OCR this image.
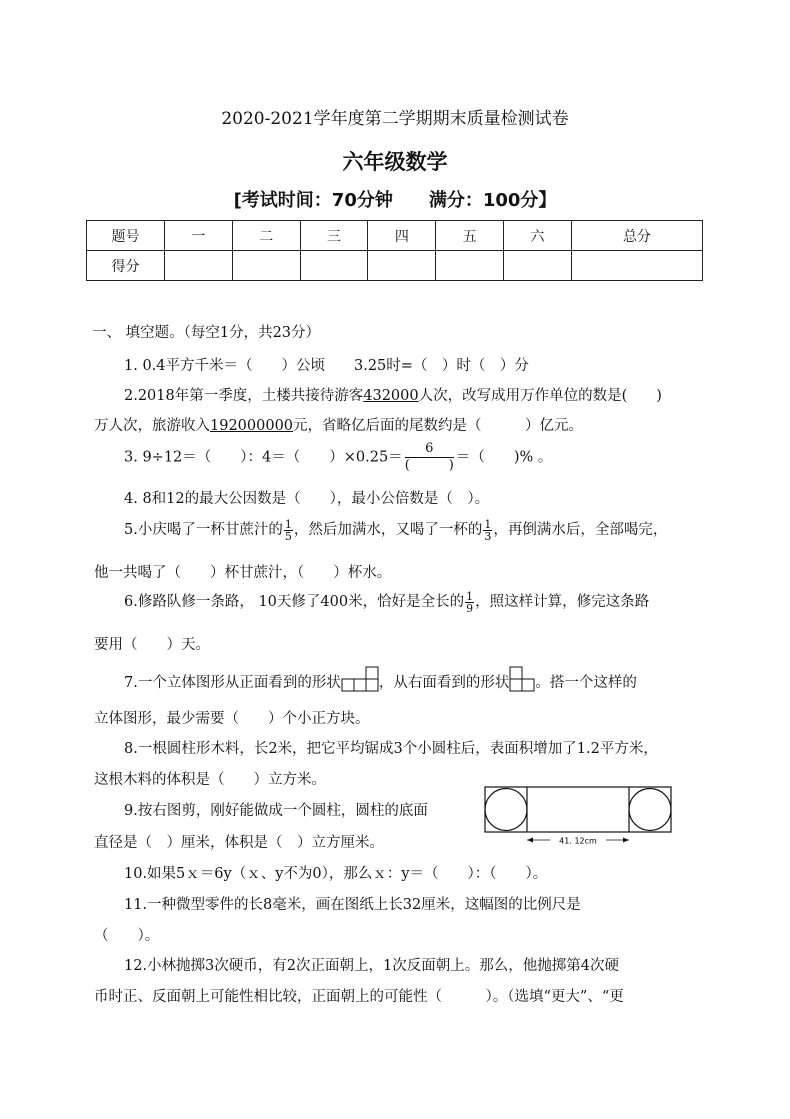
2020-2021学年度第二学期期末质量检测试卷
六年级数学
[考试时间：70分钟　　满分：100分】
题号	一	二	三	四	五	六	总分
得分							
一、 填空题。（每空1分，共23分）
1. 0.4平方千米＝（　　）公顷　　3.25时=（　）时（　）分
2.2018年第一季度，土楼共接待游客432000人次，改写成用万作单位的数是(　　)
万人次，旅游收入192000000元，省略亿后面的尾数约是（　　　）亿元。
3. 9÷12＝（　　）：4＝（　　）$\times 0.25= \frac{6}{( )}$ ＝（　　)% 。
4. 8和12的最大公因数是（　　），最小公倍数是（　）。
5.小庆喝了一杯甘蔗汁的 $\frac{1}{5}$ ，然后加满水，又喝了一杯的 $\frac{1}{3}$ ，再倒满水后，全部喝完，
他一共喝了（　　）杯甘蔗汁，（　　）杯水。
6.修路队修一条路， 10天修了400米，恰好是全长的 $\frac{1}{9}$ ，照这样计算，修完这条路
要用（　　）天。
7.一个立体图形从正面看到的形状	，从右面看到的形状 。搭一个这样的
立体图形，最少需要（　　）个小正方块。
8.一根圆柱形木料，长2米，把它平均锯成3个小圆柱后，表面积增加了1.2平方米，
这根木料的体积是（　　）立方米。
9.按右图剪，刚好能做成一个圆柱，圆柱的底面
直径是（　）厘米，体积是（　）立方厘米。	41. 12cm
10.如果5ｘ＝6y（ｘ、y不为0），那么ｘ：y＝（　　）：（　　）。
11.一种微型零件的长8毫米，画在图纸上长32厘米，这幅图的比例尺是
（　　）。
12.小林抛掷3次硬币，有2次正面朝上，1次反面朝上。那么，他抛掷第4次硬
币时正、反面朝上可能性相比较，正面朝上的可能性（　　　）。（选填“更大”、“更
